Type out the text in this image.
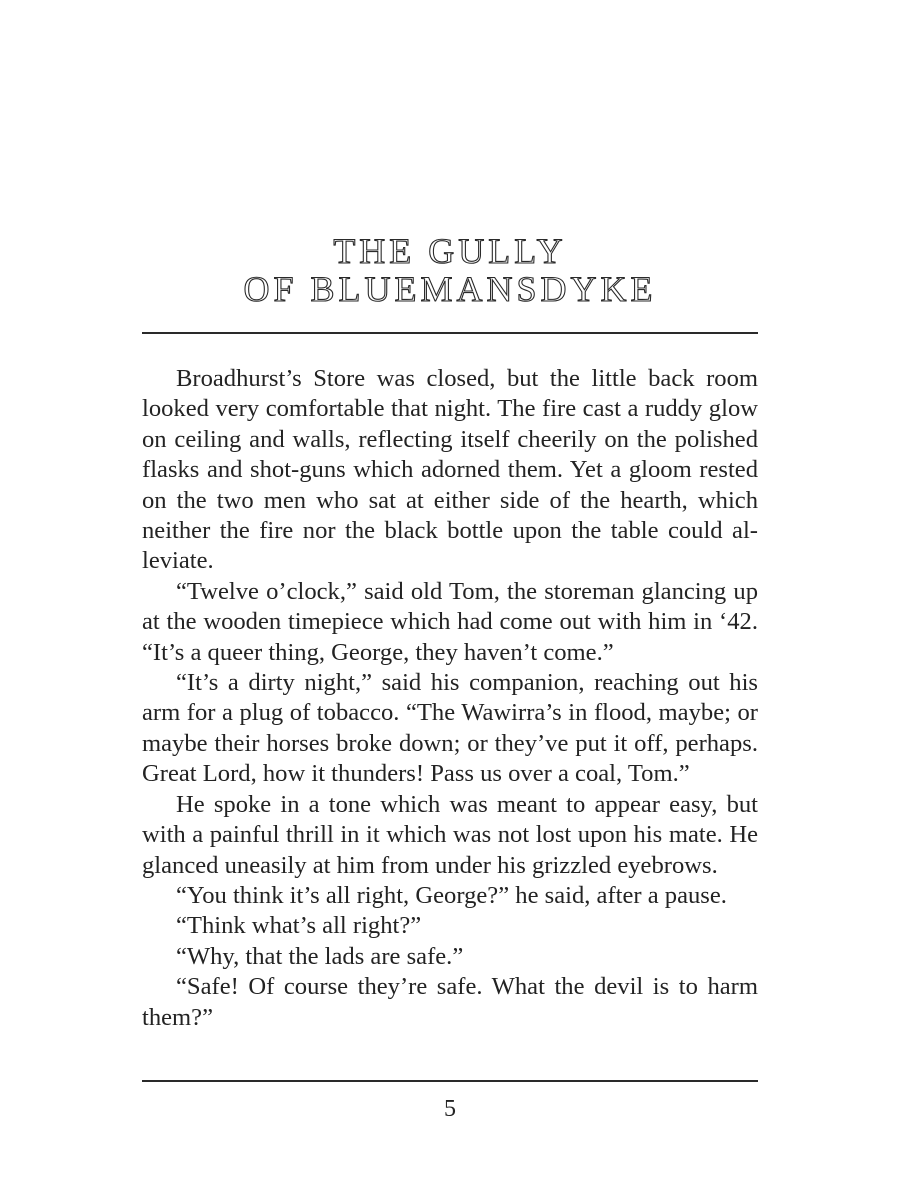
THE GULLY
OF BLUEMANSDYKE

Broadhurst’s Store was closed, but the little back room looked very comfortable that night. The fire cast a ruddy glow on ceiling and walls, reflecting itself cheerily on the polished flasks and shot-guns which adorned them. Yet a gloom rested on the two men who sat at either side of the hearth, which neither the fire nor the black bottle upon the table could alleviate.

“Twelve o’clock,” said old Tom, the storeman glancing up at the wooden timepiece which had come out with him in ‘42. “It’s a queer thing, George, they haven’t come.”

“It’s a dirty night,” said his companion, reaching out his arm for a plug of tobacco. “The Wawirra’s in flood, maybe; or maybe their horses broke down; or they’ve put it off, perhaps. Great Lord, how it thunders! Pass us over a coal, Tom.”

He spoke in a tone which was meant to appear easy, but with a painful thrill in it which was not lost upon his mate. He glanced uneasily at him from under his grizzled eyebrows.

“You think it’s all right, George?” he said, after a pause.

“Think what’s all right?”

“Why, that the lads are safe.”

“Safe! Of course they’re safe. What the devil is to harm them?”

5
